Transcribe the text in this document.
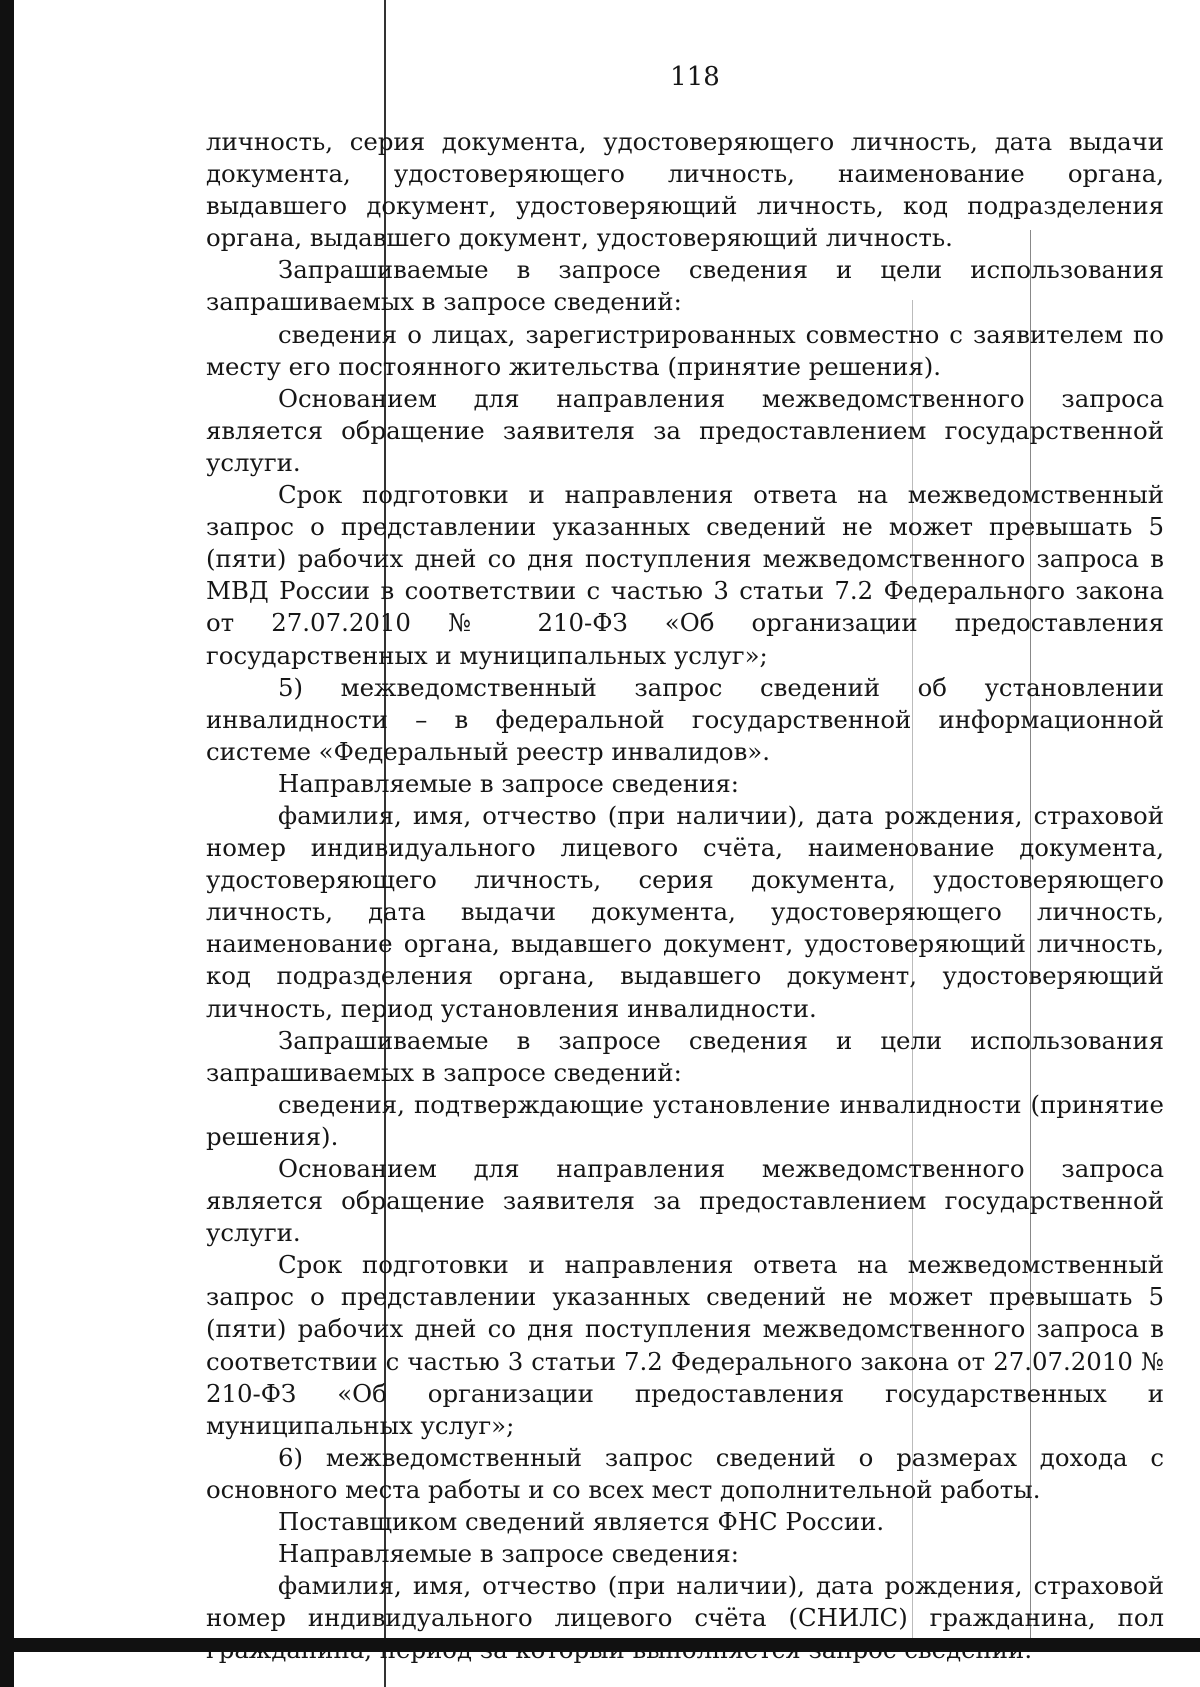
118

личность, серия документа, удостоверяющего личность, дата выдачи документа, удостоверяющего личность, наименование органа, выдавшего документ, удостоверяющий личность, код подразделения органа, выдавшего документ, удостоверяющий личность.

Запрашиваемые в запросе сведения и цели использования запрашиваемых в запросе сведений:

сведения о лицах, зарегистрированных совместно с заявителем по месту его постоянного жительства (принятие решения).

Основанием для направления межведомственного запроса является обращение заявителя за предоставлением государственной услуги.

Срок подготовки и направления ответа на межведомственный запрос о представлении указанных сведений не может превышать 5 (пяти) рабочих дней со дня поступления межведомственного запроса в МВД России в соответствии с частью 3 статьи 7.2 Федерального закона от 27.07.2010 № 210-ФЗ «Об организации предоставления государственных и муниципальных услуг»;

5) межведомственный запрос сведений об установлении инвалидности – в федеральной государственной информационной системе «Федеральный реестр инвалидов».

Направляемые в запросе сведения:

фамилия, имя, отчество (при наличии), дата рождения, страховой номер индивидуального лицевого счёта, наименование документа, удостоверяющего личность, серия документа, удостоверяющего личность, дата выдачи документа, удостоверяющего личность, наименование органа, выдавшего документ, удостоверяющий личность, код подразделения органа, выдавшего документ, удостоверяющий личность, период установления инвалидности.

Запрашиваемые в запросе сведения и цели использования запрашиваемых в запросе сведений:

сведения, подтверждающие установление инвалидности (принятие решения).

Основанием для направления межведомственного запроса является обращение заявителя за предоставлением государственной услуги.

Срок подготовки и направления ответа на межведомственный запрос о представлении указанных сведений не может превышать 5 (пяти) рабочих дней со дня поступления межведомственного запроса в соответствии с частью 3 статьи 7.2 Федерального закона от 27.07.2010 № 210-ФЗ «Об организации предоставления государственных и муниципальных услуг»;

6) межведомственный запрос сведений о размерах дохода с основного места работы и со всех мест дополнительной работы.

Поставщиком сведений является ФНС России.

Направляемые в запросе сведения:

фамилия, имя, отчество (при наличии), дата рождения, страховой номер индивидуального лицевого счёта (СНИЛС) гражданина, пол
